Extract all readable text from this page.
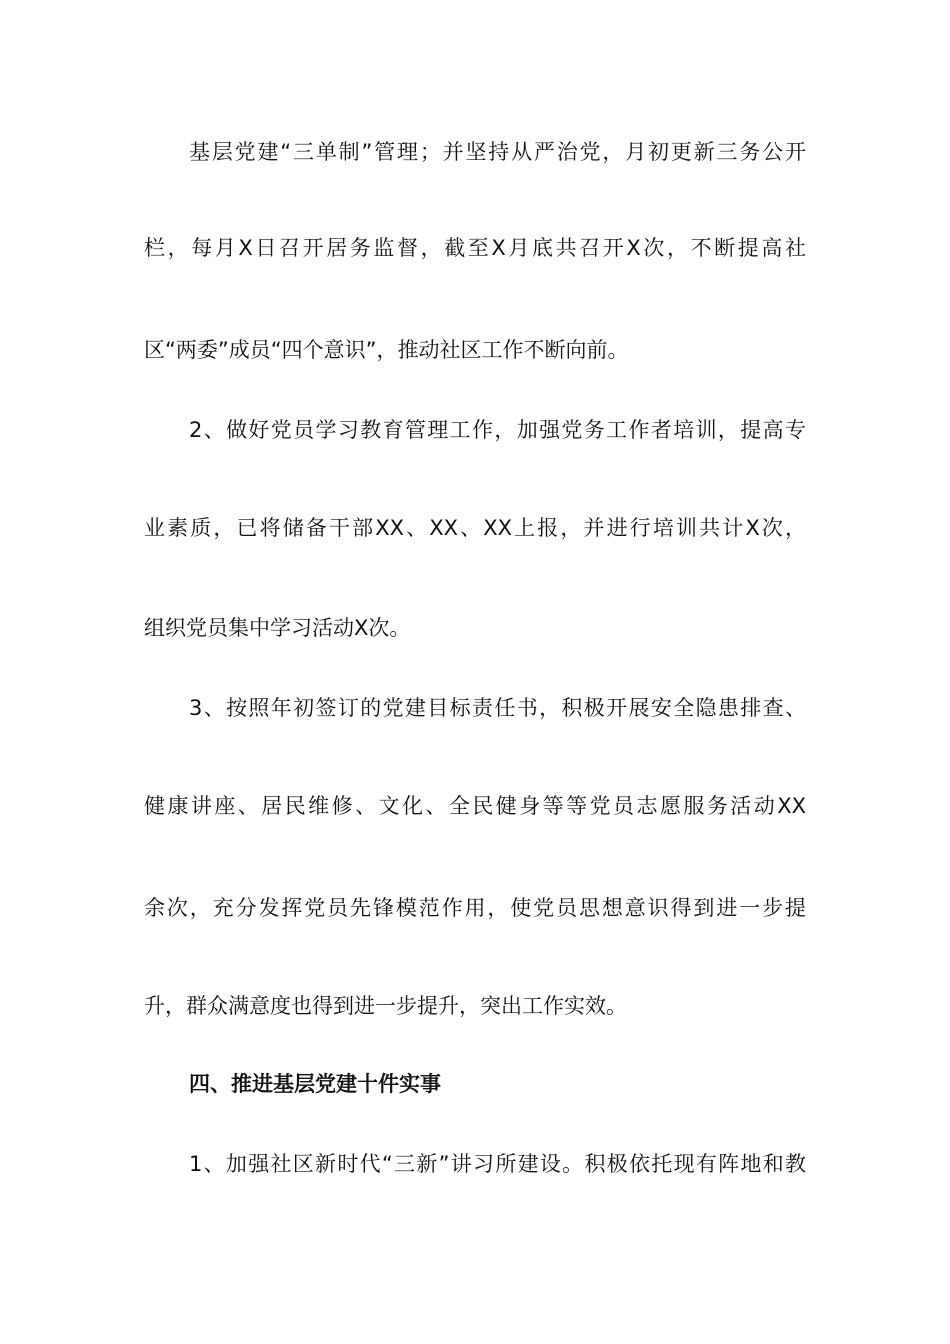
基层党建“三单制”管理；并坚持从严治党，月初更新三务公开
栏，每月X日召开居务监督，截至X月底共召开X次，不断提高社
区“两委”成员“四个意识”，推动社区工作不断向前。
2、做好党员学习教育管理工作，加强党务工作者培训，提高专
业素质，已将储备干部XX、XX、XX上报，并进行培训共计X次，
组织党员集中学习活动X次。
3、按照年初签订的党建目标责任书，积极开展安全隐患排查、
健康讲座、居民维修、文化、全民健身等等党员志愿服务活动XX
余次，充分发挥党员先锋模范作用，使党员思想意识得到进一步提
升，群众满意度也得到进一步提升，突出工作实效。
四、推进基层党建十件实事
1、加强社区新时代“三新”讲习所建设。积极依托现有阵地和教
